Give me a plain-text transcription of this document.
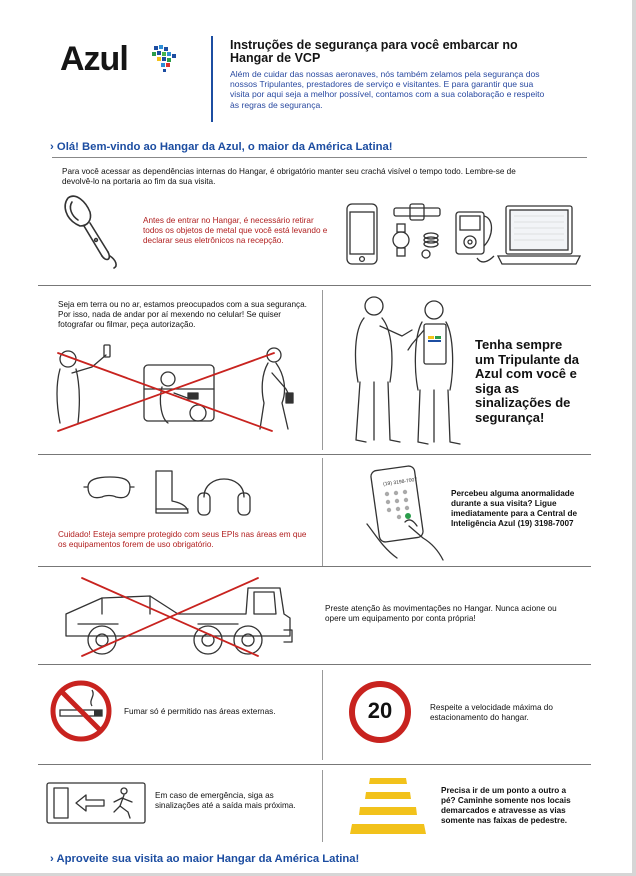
Azul	Instruções de segurança para você embarcar no Hangar de VCP
Além de cuidar das nossas aeronaves, nós também zelamos pela segurança dos nossos Tripulantes, prestadores de serviço e visitantes. E para garantir que sua visita por aqui seja a melhor possível, contamos com a sua colaboração e respeito às regras de segurança.
› Olá! Bem-vindo ao Hangar da Azul, o maior da América Latina!
Para você acessar as dependências internas do Hangar, é obrigatório manter seu crachá visível o tempo todo. Lembre-se de devolvê-lo na portaria ao fim da sua visita.
Antes de entrar no Hangar, é necessário retirar todos os objetos de metal que você está levando e declarar seus eletrônicos na recepção.
Seja em terra ou no ar, estamos preocupados com a sua segurança. Por isso, nada de andar por aí mexendo no celular! Se quiser fotografar ou filmar, peça autorização.
Tenha sempre um Tripulante da Azul com você e siga as sinalizações de segurança!
Cuidado! Esteja sempre protegido com seus EPIs nas áreas em que os equipamentos forem de uso obrigatório.
(19) 3198-7007
Percebeu alguma anormalidade durante a sua visita? Ligue imediatamente para a Central de Inteligência Azul (19) 3198-7007
Preste atenção às movimentações no Hangar. Nunca acione ou opere um equipamento por conta própria!
Fumar só é permitido nas áreas externas.	20	Respeite a velocidade máxima do estacionamento do hangar.
Em caso de emergência, siga as sinalizações até a saída mais próxima.
Precisa ir de um ponto a outro a pé? Caminhe somente nos locais demarcados e atravesse as vias somente nas faixas de pedestre.
› Aproveite sua visita ao maior Hangar da América Latina!
